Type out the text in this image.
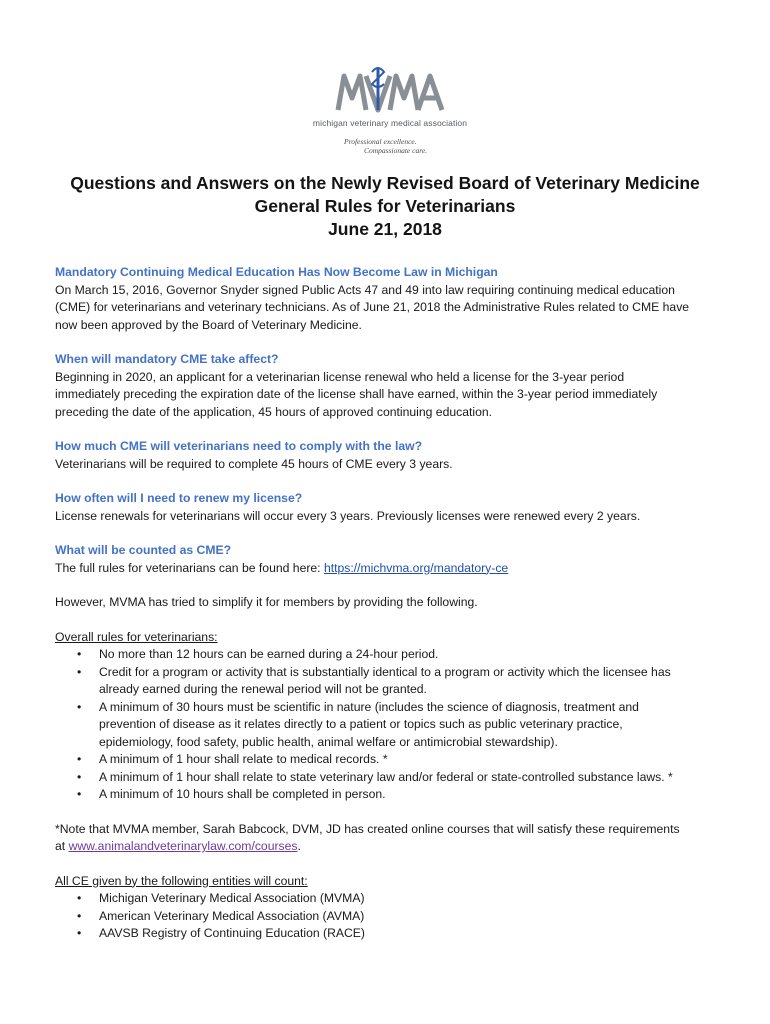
michigan veterinary medical association
Professional excellence.
Compassionate care.
Questions and Answers on the Newly Revised Board of Veterinary Medicine
General Rules for Veterinarians
June 21, 2018
Mandatory Continuing Medical Education Has Now Become Law in Michigan
On March 15, 2016, Governor Snyder signed Public Acts 47 and 49 into law requiring continuing medical education
(CME) for veterinarians and veterinary technicians. As of June 21, 2018 the Administrative Rules related to CME have
now been approved by the Board of Veterinary Medicine.
When will mandatory CME take affect?
Beginning in 2020, an applicant for a veterinarian license renewal who held a license for the 3-year period
immediately preceding the expiration date of the license shall have earned, within the 3-year period immediately
preceding the date of the application, 45 hours of approved continuing education.
How much CME will veterinarians need to comply with the law?
Veterinarians will be required to complete 45 hours of CME every 3 years.
How often will I need to renew my license?
License renewals for veterinarians will occur every 3 years. Previously licenses were renewed every 2 years.
What will be counted as CME?
The full rules for veterinarians can be found here: https://michvma.org/mandatory-ce
However, MVMA has tried to simplify it for members by providing the following.
Overall rules for veterinarians:
• No more than 12 hours can be earned during a 24-hour period.
• Credit for a program or activity that is substantially identical to a program or activity which the licensee has
already earned during the renewal period will not be granted.
• A minimum of 30 hours must be scientific in nature (includes the science of diagnosis, treatment and
prevention of disease as it relates directly to a patient or topics such as public veterinary practice,
epidemiology, food safety, public health, animal welfare or antimicrobial stewardship).
• A minimum of 1 hour shall relate to medical records. *
• A minimum of 1 hour shall relate to state veterinary law and/or federal or state-controlled substance laws. *
• A minimum of 10 hours shall be completed in person.
*Note that MVMA member, Sarah Babcock, DVM, JD has created online courses that will satisfy these requirements
at www.animalandveterinarylaw.com/courses.
All CE given by the following entities will count:
• Michigan Veterinary Medical Association (MVMA)
• American Veterinary Medical Association (AVMA)
• AAVSB Registry of Continuing Education (RACE)
